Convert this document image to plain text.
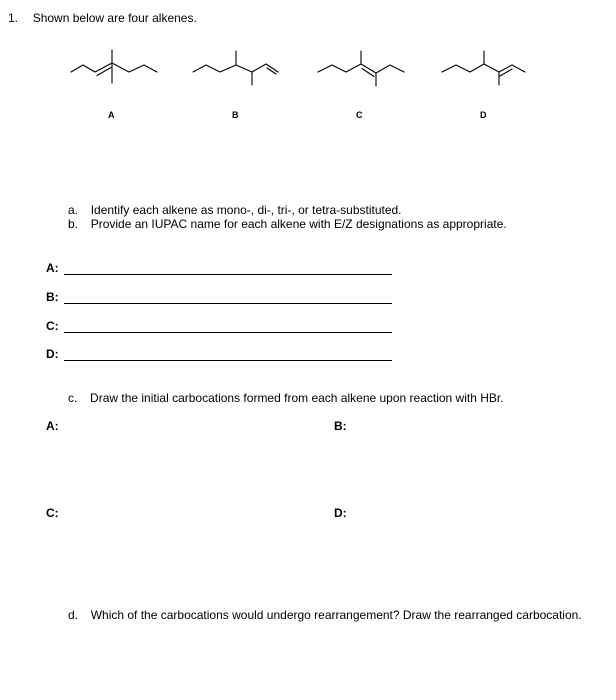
1. Shown below are four alkenes.
A	B	C	D
a. Identify each alkene as mono-, di-, tri-, or tetra-substituted.
b. Provide an IUPAC name for each alkene with E/Z designations as appropriate.
A:
B:
C:
D:
c. Draw the initial carbocations formed from each alkene upon reaction with HBr.
A:	B:
C:	D:
d. Which of the carbocations would undergo rearrangement? Draw the rearranged carbocation.
